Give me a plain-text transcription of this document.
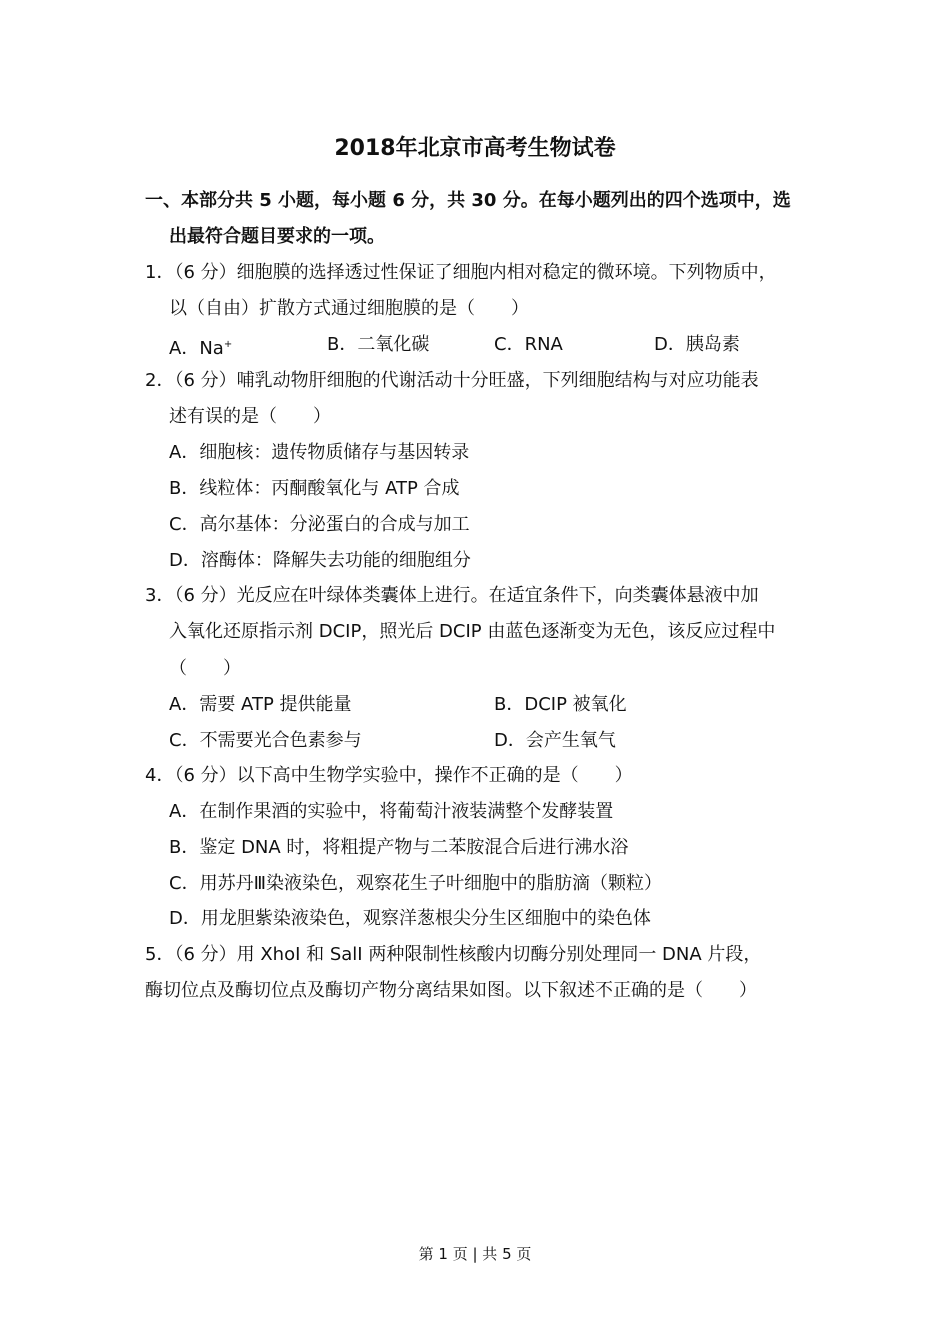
2018年北京市高考生物试卷
一、本部分共 5 小题，每小题 6 分，共 30 分。在每小题列出的四个选项中，选
出最符合题目要求的一项。
1．（6 分）细胞膜的选择透过性保证了细胞内相对稳定的微环境。下列物质中，
以（自由）扩散方式通过细胞膜的是（　　）
A．Na+	B．二氧化碳	C．RNA	D．胰岛素
2．（6 分）哺乳动物肝细胞的代谢活动十分旺盛，下列细胞结构与对应功能表
述有误的是（　　）
A．细胞核：遗传物质储存与基因转录
B．线粒体：丙酮酸氧化与 ATP 合成
C．高尔基体：分泌蛋白的合成与加工
D．溶酶体：降解失去功能的细胞组分
3．（6 分）光反应在叶绿体类囊体上进行。在适宜条件下，向类囊体悬液中加
入氧化还原指示剂 DCIP，照光后 DCIP 由蓝色逐渐变为无色，该反应过程中
（　　）
A．需要 ATP 提供能量	B．DCIP 被氧化
C．不需要光合色素参与	D．会产生氧气
4．（6 分）以下高中生物学实验中，操作不正确的是（　　）
A．在制作果酒的实验中，将葡萄汁液装满整个发酵装置
B．鉴定 DNA 时，将粗提产物与二苯胺混合后进行沸水浴
C．用苏丹Ⅲ染液染色，观察花生子叶细胞中的脂肪滴（颗粒）
D．用龙胆紫染液染色，观察洋葱根尖分生区细胞中的染色体
5．（6 分）用 XhoⅠ 和 SalⅠ 两种限制性核酸内切酶分别处理同一 DNA 片段，
酶切位点及酶切位点及酶切产物分离结果如图。以下叙述不正确的是（　　）
第 1 页 | 共 5 页
